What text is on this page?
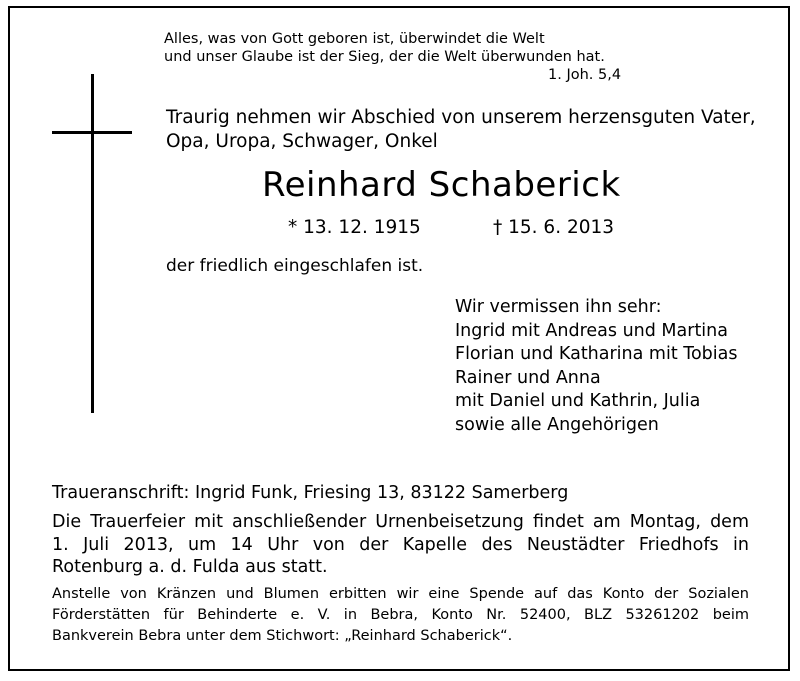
Alles, was von Gott geboren ist, überwindet die Welt
und unser Glaube ist der Sieg, der die Welt überwunden hat.
1. Joh. 5,4
Traurig nehmen wir Abschied von unserem herzensguten Vater,
Opa, Uropa, Schwager, Onkel
Reinhard Schaberick
* 13. 12. 1915	† 15. 6. 2013
der friedlich eingeschlafen ist.
Wir vermissen ihn sehr:
Ingrid mit Andreas und Martina
Florian und Katharina mit Tobias
Rainer und Anna
mit Daniel und Kathrin, Julia
sowie alle Angehörigen
Traueranschrift: Ingrid Funk, Friesing 13, 83122 Samerberg
Die Trauerfeier mit anschließender Urnenbeisetzung findet am Montag, dem
1. Juli 2013, um 14 Uhr von der Kapelle des Neustädter Friedhofs in
Rotenburg a. d. Fulda aus statt.
Anstelle von Kränzen und Blumen erbitten wir eine Spende auf das Konto der Sozialen
Förderstätten für Behinderte e. V. in Bebra, Konto Nr. 52400, BLZ 53261202 beim
Bankverein Bebra unter dem Stichwort: „Reinhard Schaberick“.
